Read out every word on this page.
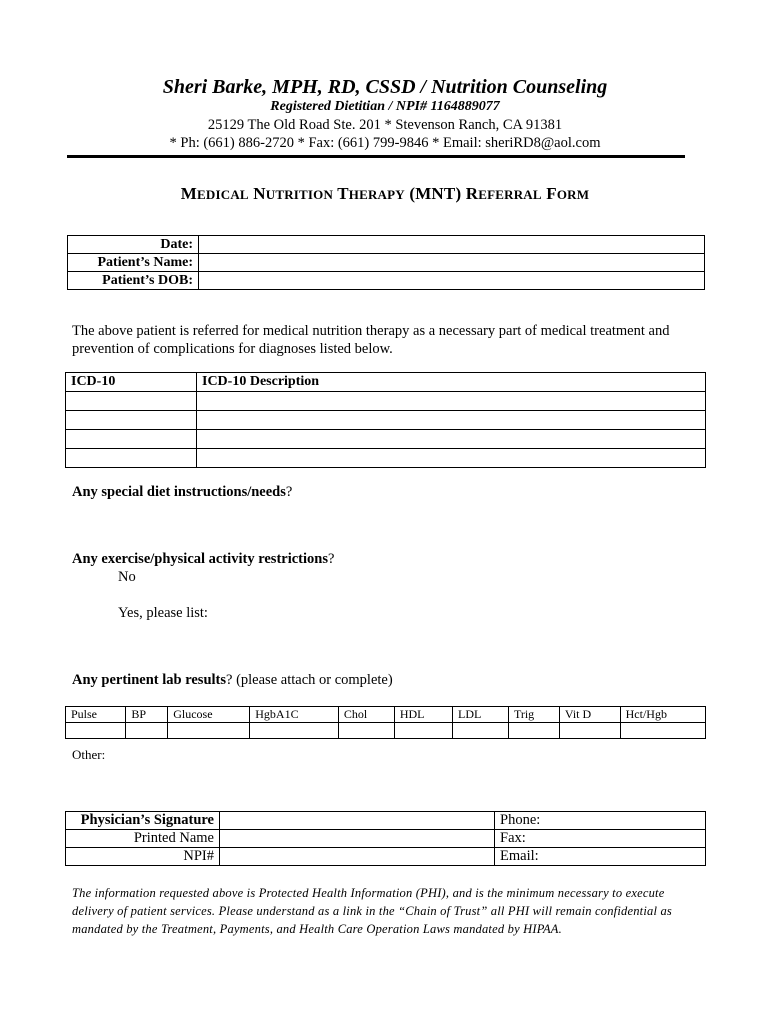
Sheri Barke, MPH, RD, CSSD / Nutrition Counseling
Registered Dietitian / NPI# 1164889077
25129 The Old Road Ste. 201 * Stevenson Ranch, CA 91381
* Ph: (661) 886-2720 * Fax: (661) 799-9846 * Email: sheriRD8@aol.com
MEDICAL NUTRITION THERAPY (MNT) REFERRAL FORM
Date:	
Patient’s Name:	
Patient’s DOB:	
The above patient is referred for medical nutrition therapy as a necessary part of medical treatment and prevention of complications for diagnoses listed below.
ICD-10	ICD-10 Description

Any special diet instructions/needs?
Any exercise/physical activity restrictions?
No
Yes, please list:
Any pertinent lab results? (please attach or complete)
Pulse	BP	Glucose	HgbA1C	Chol	HDL	LDL	Trig	Vit D	Hct/Hgb

Other:
Physician’s Signature		Phone:
Printed Name		Fax:
NPI#		Email:
The information requested above is Protected Health Information (PHI), and is the minimum necessary to execute delivery of patient services. Please understand as a link in the “Chain of Trust” all PHI will remain confidential as mandated by the Treatment, Payments, and Health Care Operation Laws mandated by HIPAA.
